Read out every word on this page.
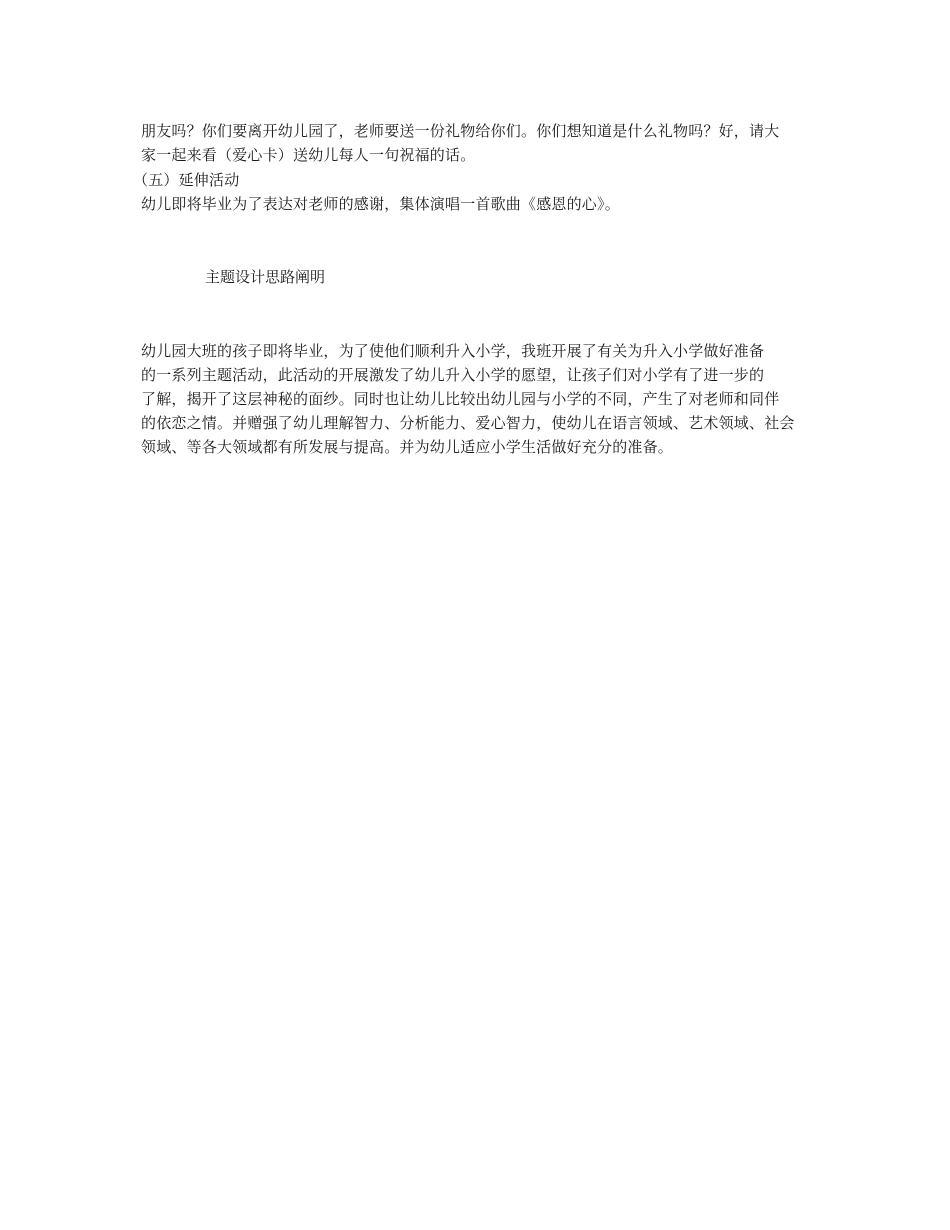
朋友吗？你们要离开幼儿园了，老师要送一份礼物给你们。你们想知道是什么礼物吗？好，请大
家一起来看（爱心卡）送幼儿每人一句祝福的话。
（五）延伸活动
幼儿即将毕业为了表达对老师的感谢，集体演唱一首歌曲《感恩的心》。
主题设计思路阐明
幼儿园大班的孩子即将毕业，为了使他们顺利升入小学，我班开展了有关为升入小学做好准备
的一系列主题活动，此活动的开展激发了幼儿升入小学的愿望，让孩子们对小学有了进一步的
了解，揭开了这层神秘的面纱。同时也让幼儿比较出幼儿园与小学的不同，产生了对老师和同伴
的依恋之情。并赠强了幼儿理解智力、分析能力、爱心智力，使幼儿在语言领域、艺术领域、社会
领域、等各大领域都有所发展与提高。并为幼儿适应小学生活做好充分的准备。
